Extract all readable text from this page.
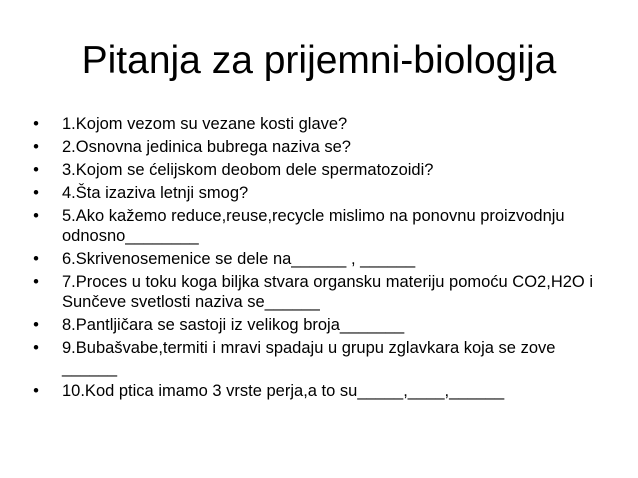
Pitanja za prijemni-biologija
• 1.Kojom vezom su vezane kosti glave?
• 2.Osnovna jedinica bubrega naziva se?
• 3.Kojom se ćelijskom deobom dele spermatozoidi?
• 4.Šta izaziva letnji smog?
• 5.Ako kažemo reduce,reuse,recycle mislimo na ponovnu proizvodnju odnosno________
• 6.Skrivenosemenice se dele na______ , ______
• 7.Proces u toku koga biljka stvara organsku materiju pomoću CO2,H2O i Sunčeve svetlosti naziva se______
• 8.Pantljičara se sastoji iz velikog broja_______
• 9.Bubašvabe,termiti i mravi spadaju u grupu zglavkara koja se zove ______
• 10.Kod ptica imamo 3 vrste perja,a to su_____,____,______
